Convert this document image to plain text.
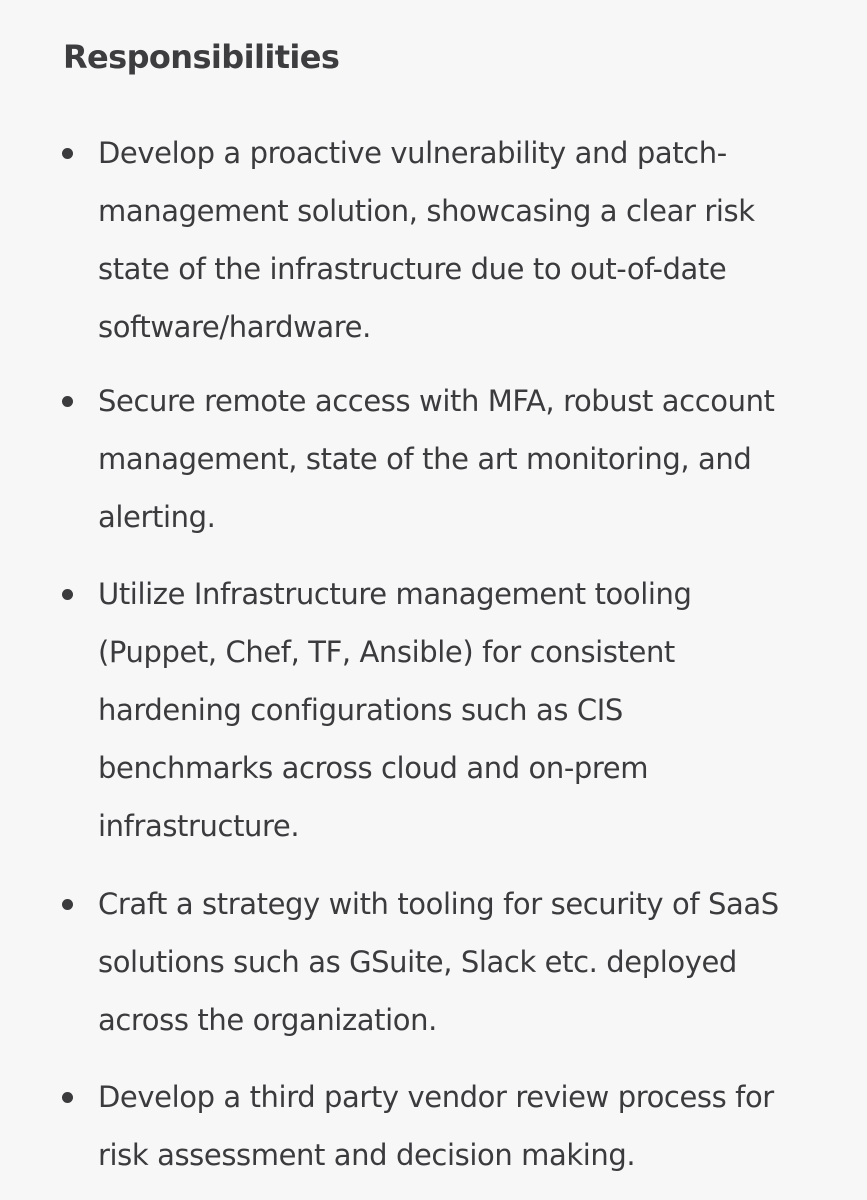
Responsibilities
Develop a proactive vulnerability and patch-
management solution, showcasing a clear risk
state of the infrastructure due to out-of-date
software/hardware.
Secure remote access with MFA, robust account
management, state of the art monitoring, and
alerting.
Utilize Infrastructure management tooling
(Puppet, Chef, TF, Ansible) for consistent
hardening configurations such as CIS
benchmarks across cloud and on-prem
infrastructure.
Craft a strategy with tooling for security of SaaS
solutions such as GSuite, Slack etc. deployed
across the organization.
Develop a third party vendor review process for
risk assessment and decision making.
